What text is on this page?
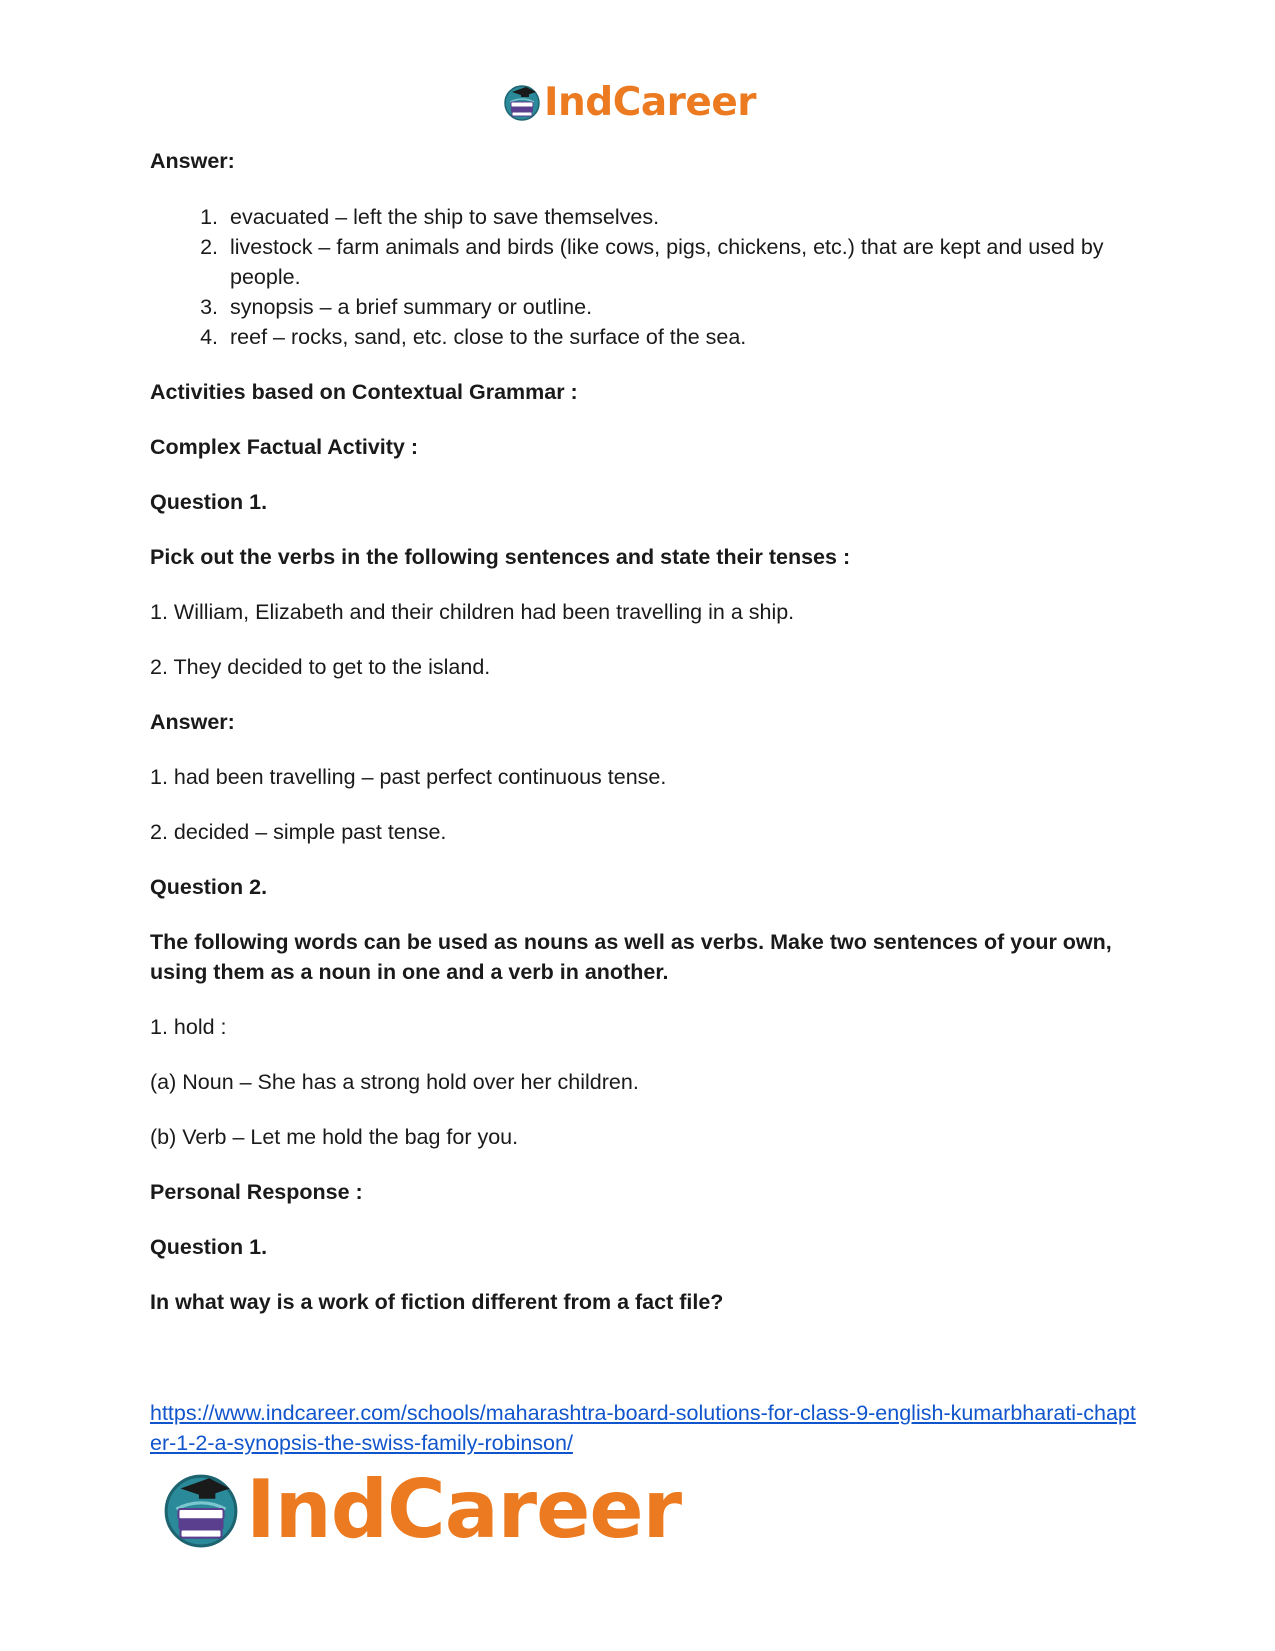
IndCareer
Answer:
1. evacuated – left the ship to save themselves.
2. livestock – farm animals and birds (like cows, pigs, chickens, etc.) that are kept and used by people.
3. synopsis – a brief summary or outline.
4. reef – rocks, sand, etc. close to the surface of the sea.
Activities based on Contextual Grammar :
Complex Factual Activity :
Question 1.
Pick out the verbs in the following sentences and state their tenses :
1. William, Elizabeth and their children had been travelling in a ship.
2. They decided to get to the island.
Answer:
1. had been travelling – past perfect continuous tense.
2. decided – simple past tense.
Question 2.
The following words can be used as nouns as well as verbs. Make two sentences of your own, using them as a noun in one and a verb in another.
1. hold :
(a) Noun – She has a strong hold over her children.
(b) Verb – Let me hold the bag for you.
Personal Response :
Question 1.
In what way is a work of fiction different from a fact file?
https://www.indcareer.com/schools/maharashtra-board-solutions-for-class-9-english-kumarbharati-chapter-1-2-a-synopsis-the-swiss-family-robinson/
IndCareer
